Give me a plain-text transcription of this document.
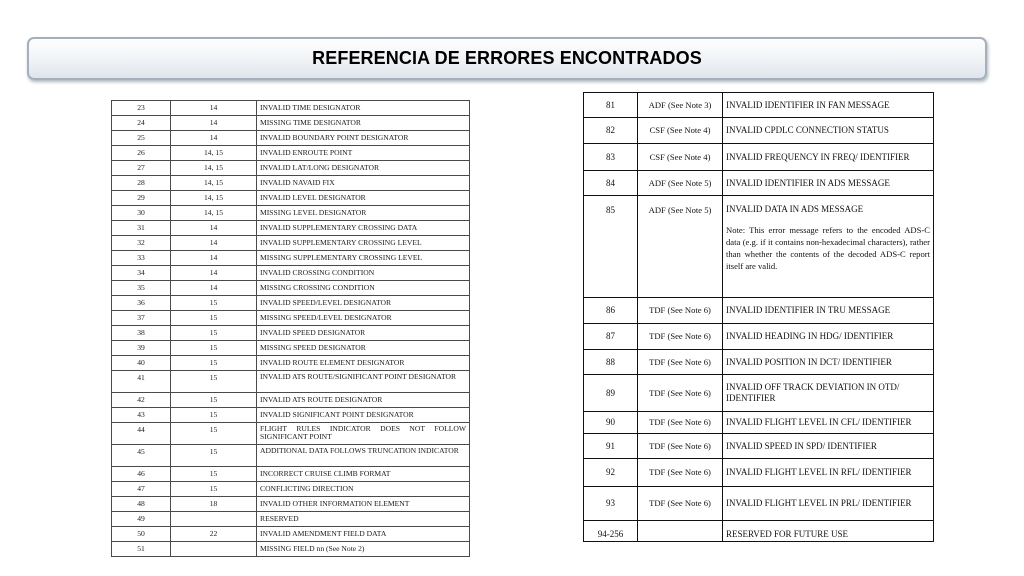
REFERENCIA DE ERRORES ENCONTRADOS
23	14	INVALID TIME DESIGNATOR
24	14	MISSING TIME DESIGNATOR
25	14	INVALID BOUNDARY POINT DESIGNATOR
26	14, 15	INVALID ENROUTE POINT
27	14, 15	INVALID LAT/LONG DESIGNATOR
28	14, 15	INVALID NAVAID FIX
29	14, 15	INVALID LEVEL DESIGNATOR
30	14, 15	MISSING LEVEL DESIGNATOR
31	14	INVALID SUPPLEMENTARY CROSSING DATA
32	14	INVALID SUPPLEMENTARY CROSSING LEVEL
33	14	MISSING SUPPLEMENTARY CROSSING LEVEL
34	14	INVALID CROSSING CONDITION
35	14	MISSING CROSSING CONDITION
36	15	INVALID SPEED/LEVEL DESIGNATOR
37	15	MISSING SPEED/LEVEL DESIGNATOR
38	15	INVALID SPEED DESIGNATOR
39	15	MISSING SPEED DESIGNATOR
40	15	INVALID ROUTE ELEMENT DESIGNATOR
41	15	INVALID ATS ROUTE/SIGNIFICANT POINT DESIGNATOR
42	15	INVALID ATS ROUTE DESIGNATOR
43	15	INVALID SIGNIFICANT POINT DESIGNATOR
44	15	FLIGHT RULES INDICATOR DOES NOT FOLLOW SIGNIFICANT POINT
45	15	ADDITIONAL DATA FOLLOWS TRUNCATION INDICATOR
46	15	INCORRECT CRUISE CLIMB FORMAT
47	15	CONFLICTING DIRECTION
48	18	INVALID OTHER INFORMATION ELEMENT
49		RESERVED
50	22	INVALID AMENDMENT FIELD DATA
51		MISSING FIELD nn (See Note 2)
81	ADF (See Note 3)	INVALID IDENTIFIER IN FAN MESSAGE

82	CSF (See Note 4)	INVALID CPDLC CONNECTION STATUS

83	CSF (See Note 4)	INVALID FREQUENCY IN FREQ/ IDENTIFIER

84	ADF (See Note 5)	INVALID IDENTIFIER IN ADS MESSAGE

85	ADF (See Note 5)	INVALID DATA IN ADS MESSAGE
Note: This error message refers to the encoded ADS-C data (e.g. if it contains non-hexadecimal characters), rather than whether the contents of the decoded ADS-C report itself are valid.

86	TDF (See Note 6)	INVALID IDENTIFIER IN TRU MESSAGE

87	TDF (See Note 6)	INVALID HEADING IN HDG/ IDENTIFIER

88	TDF (See Note 6)	INVALID POSITION IN DCT/ IDENTIFIER

89	TDF (See Note 6)	INVALID OFF TRACK DEVIATION IN OTD/ IDENTIFIER

90	TDF (See Note 6)	INVALID FLIGHT LEVEL IN CFL/ IDENTIFIER

91	TDF (See Note 6)	INVALID SPEED IN SPD/ IDENTIFIER

92	TDF (See Note 6)	INVALID FLIGHT LEVEL IN RFL/ IDENTIFIER

93	TDF (See Note 6)	INVALID FLIGHT LEVEL IN PRL/ IDENTIFIER

94-256		RESERVED FOR FUTURE USE
